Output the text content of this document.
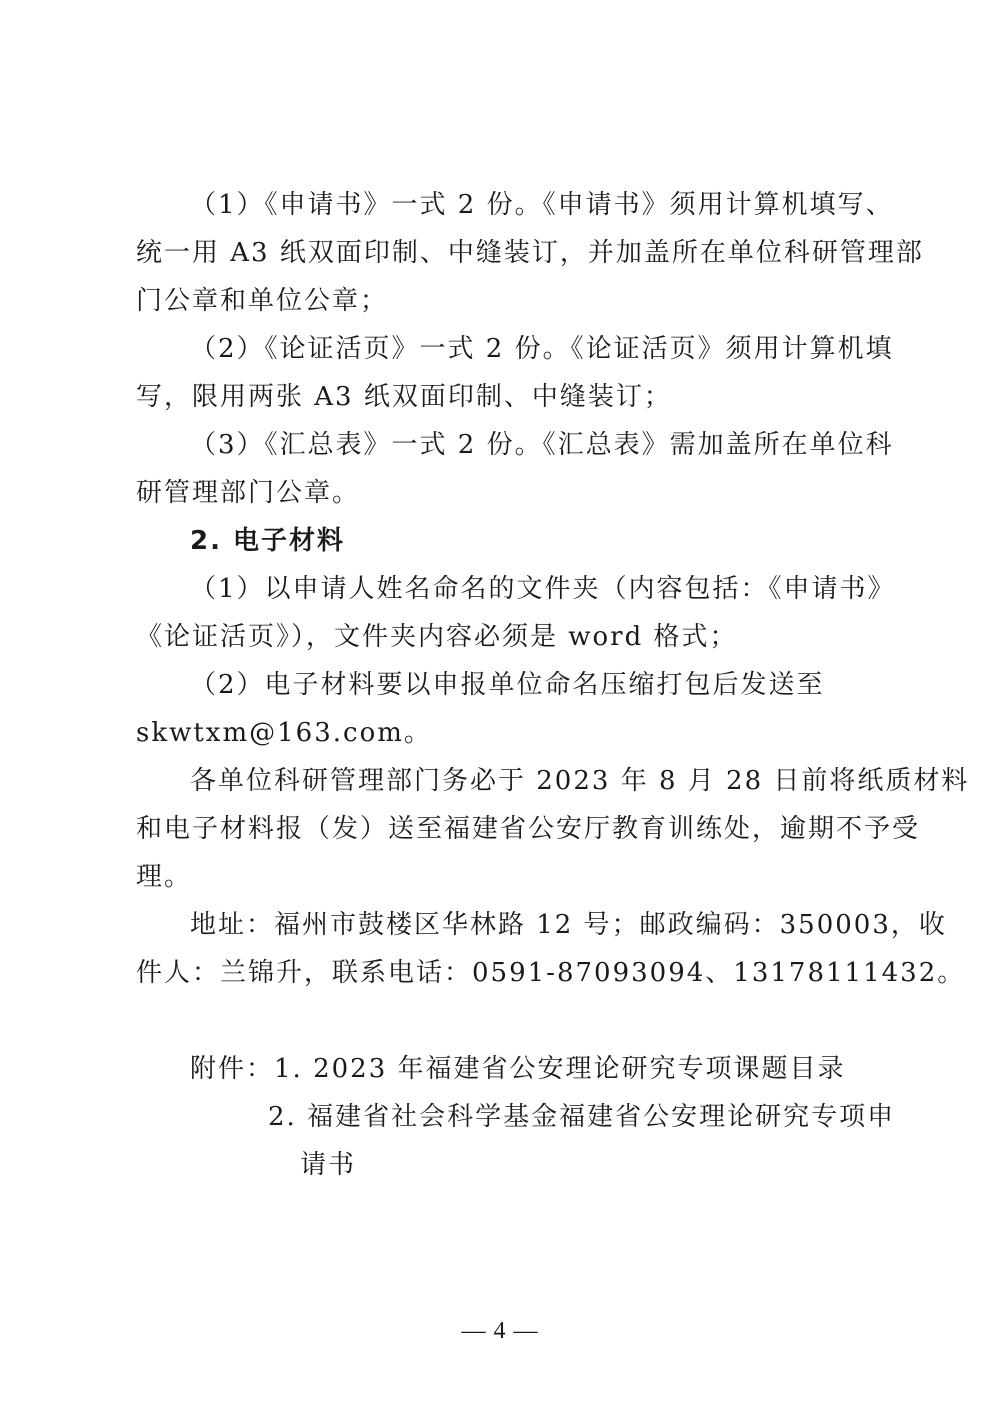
（1）《申请书》一式 2 份。《申请书》须用计算机填写、

统一用 A3 纸双面印制、中缝装订，并加盖所在单位科研管理部

门公章和单位公章；

（2）《论证活页》一式 2 份。《论证活页》须用计算机填

写，限用两张 A3 纸双面印制、中缝装订；

（3）《汇总表》一式 2 份。《汇总表》需加盖所在单位科

研管理部门公章。

2. 电子材料

（1）以申请人姓名命名的文件夹（内容包括：《申请书》

《论证活页》），文件夹内容必须是 word 格式；

（2）电子材料要以申报单位命名压缩打包后发送至

skwtxm@163.com。

各单位科研管理部门务必于 2023 年 8 月 28 日前将纸质材料

和电子材料报（发）送至福建省公安厅教育训练处，逾期不予受

理。

地址：福州市鼓楼区华林路 12 号；邮政编码：350003，收

件人：兰锦升，联系电话：0591-87093094、13178111432。

附件：1. 2023 年福建省公安理论研究专项课题目录

2. 福建省社会科学基金福建省公安理论研究专项申

请书

— 4 —
